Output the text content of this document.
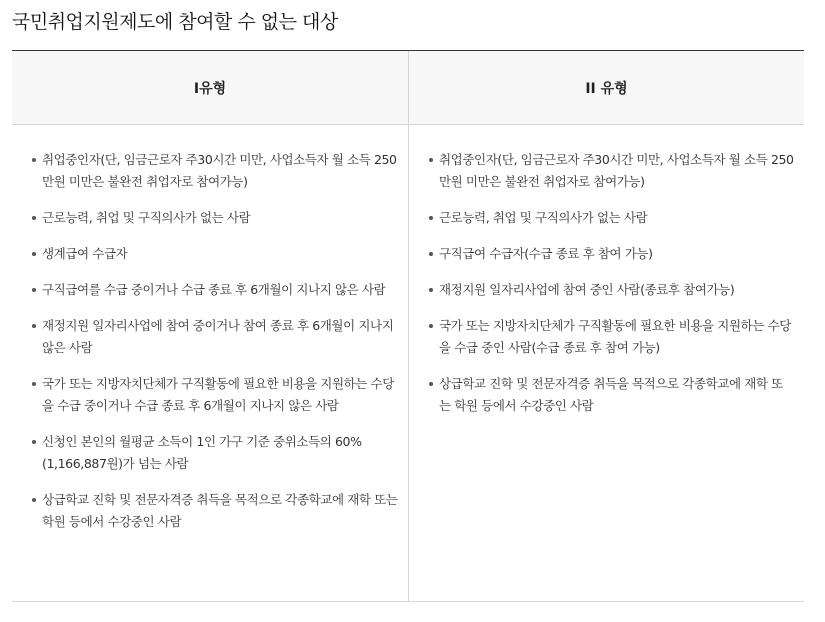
국민취업지원제도에 참여할 수 없는 대상
I유형	II 유형
취업중인자(단, 임금근로자 주30시간 미만, 사업소득자 월 소득 250만원 미만은 불완전 취업자로 참여가능)
근로능력, 취업 및 구직의사가 없는 사람
생계급여 수급자
구직급여를 수급 중이거나 수급 종료 후 6개월이 지나지 않은 사람
재정지원 일자리사업에 참여 중이거나 참여 종료 후 6개월이 지나지 않은 사람
국가 또는 지방자치단체가 구직활동에 필요한 비용을 지원하는 수당을 수급 중이거나 수급 종료 후 6개월이 지나지 않은 사람
신청인 본인의 월평균 소득이 1인 가구 기준 중위소득의 60%(1,166,887원)가 넘는 사람
상급학교 진학 및 전문자격증 취득을 목적으로 각종학교에 재학 또는 학원 등에서 수강중인 사람
취업중인자(단, 임금근로자 주30시간 미만, 사업소득자 월 소득 250만원 미만은 불완전 취업자로 참여가능)
근로능력, 취업 및 구직의사가 없는 사람
구직급여 수급자(수급 종료 후 참여 가능)
재정지원 일자리사업에 참여 중인 사람(종료후 참여가능)
국가 또는 지방자치단체가 구직활동에 필요한 비용을 지원하는 수당을 수급 중인 사람(수급 종료 후 참여 가능)
상급학교 진학 및 전문자격증 취득을 목적으로 각종학교에 재학 또는 학원 등에서 수강중인 사람
